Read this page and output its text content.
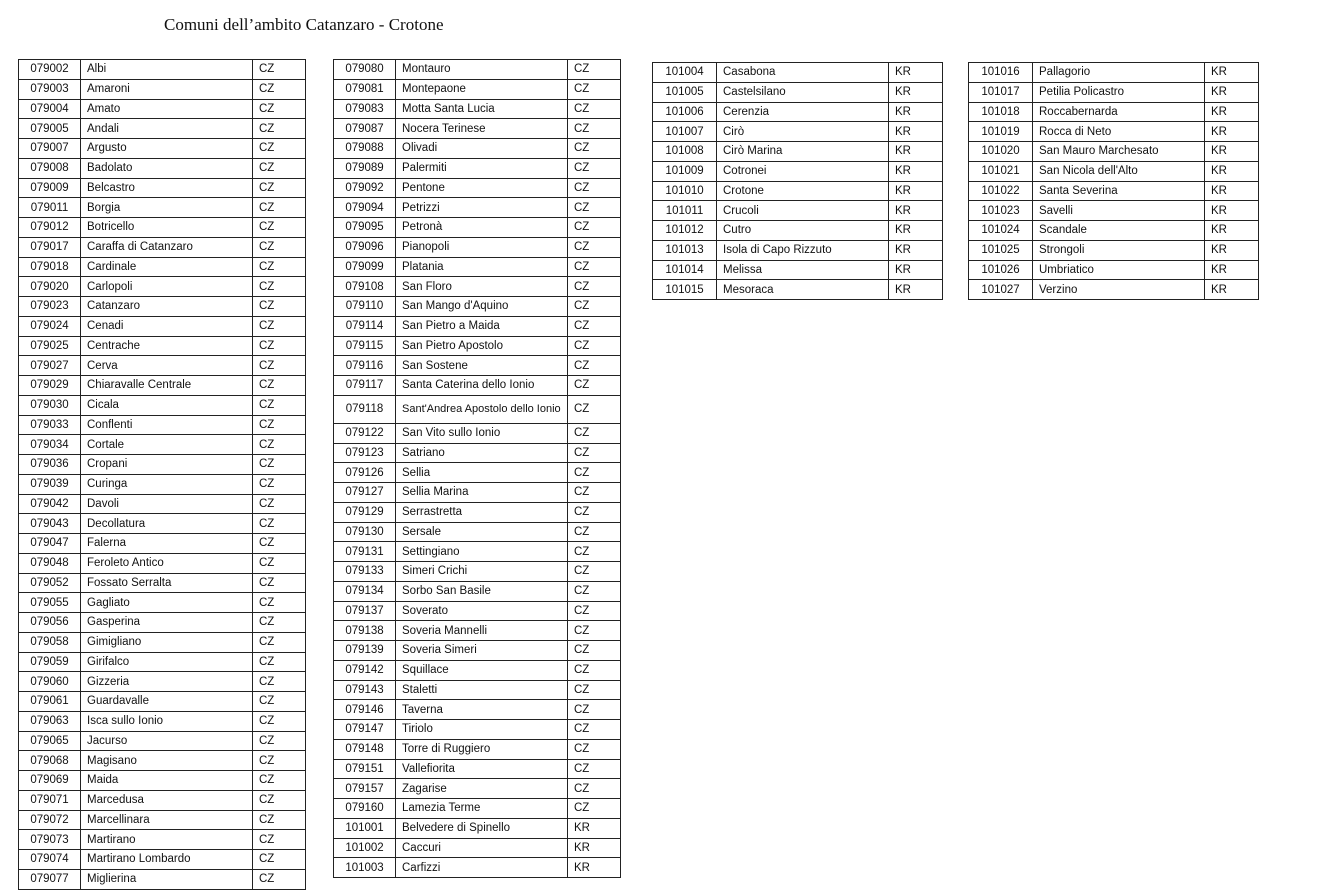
Comuni dell’ambito Catanzaro - Crotone
079002	Albi	CZ
079003	Amaroni	CZ
079004	Amato	CZ
079005	Andali	CZ
079007	Argusto	CZ
079008	Badolato	CZ
079009	Belcastro	CZ
079011	Borgia	CZ
079012	Botricello	CZ
079017	Caraffa di Catanzaro	CZ
079018	Cardinale	CZ
079020	Carlopoli	CZ
079023	Catanzaro	CZ
079024	Cenadi	CZ
079025	Centrache	CZ
079027	Cerva	CZ
079029	Chiaravalle Centrale	CZ
079030	Cicala	CZ
079033	Conflenti	CZ
079034	Cortale	CZ
079036	Cropani	CZ
079039	Curinga	CZ
079042	Davoli	CZ
079043	Decollatura	CZ
079047	Falerna	CZ
079048	Feroleto Antico	CZ
079052	Fossato Serralta	CZ
079055	Gagliato	CZ
079056	Gasperina	CZ
079058	Gimigliano	CZ
079059	Girifalco	CZ
079060	Gizzeria	CZ
079061	Guardavalle	CZ
079063	Isca sullo Ionio	CZ
079065	Jacurso	CZ
079068	Magisano	CZ
079069	Maida	CZ
079071	Marcedusa	CZ
079072	Marcellinara	CZ
079073	Martirano	CZ
079074	Martirano Lombardo	CZ
079077	Miglierina	CZ
079080	Montauro	CZ
079081	Montepaone	CZ
079083	Motta Santa Lucia	CZ
079087	Nocera Terinese	CZ
079088	Olivadi	CZ
079089	Palermiti	CZ
079092	Pentone	CZ
079094	Petrizzi	CZ
079095	Petronà	CZ
079096	Pianopoli	CZ
079099	Platania	CZ
079108	San Floro	CZ
079110	San Mango d'Aquino	CZ
079114	San Pietro a Maida	CZ
079115	San Pietro Apostolo	CZ
079116	San Sostene	CZ
079117	Santa Caterina dello Ionio	CZ
079118	Sant'Andrea Apostolo dello Ionio	CZ
079122	San Vito sullo Ionio	CZ
079123	Satriano	CZ
079126	Sellia	CZ
079127	Sellia Marina	CZ
079129	Serrastretta	CZ
079130	Sersale	CZ
079131	Settingiano	CZ
079133	Simeri Crichi	CZ
079134	Sorbo San Basile	CZ
079137	Soverato	CZ
079138	Soveria Mannelli	CZ
079139	Soveria Simeri	CZ
079142	Squillace	CZ
079143	Staletti	CZ
079146	Taverna	CZ
079147	Tiriolo	CZ
079148	Torre di Ruggiero	CZ
079151	Vallefiorita	CZ
079157	Zagarise	CZ
079160	Lamezia Terme	CZ
101001	Belvedere di Spinello	KR
101002	Caccuri	KR
101003	Carfizzi	KR
101004	Casabona	KR
101005	Castelsilano	KR
101006	Cerenzia	KR
101007	Cirò	KR
101008	Cirò Marina	KR
101009	Cotronei	KR
101010	Crotone	KR
101011	Crucoli	KR
101012	Cutro	KR
101013	Isola di Capo Rizzuto	KR
101014	Melissa	KR
101015	Mesoraca	KR
101016	Pallagorio	KR
101017	Petilia Policastro	KR
101018	Roccabernarda	KR
101019	Rocca di Neto	KR
101020	San Mauro Marchesato	KR
101021	San Nicola dell'Alto	KR
101022	Santa Severina	KR
101023	Savelli	KR
101024	Scandale	KR
101025	Strongoli	KR
101026	Umbriatico	KR
101027	Verzino	KR
